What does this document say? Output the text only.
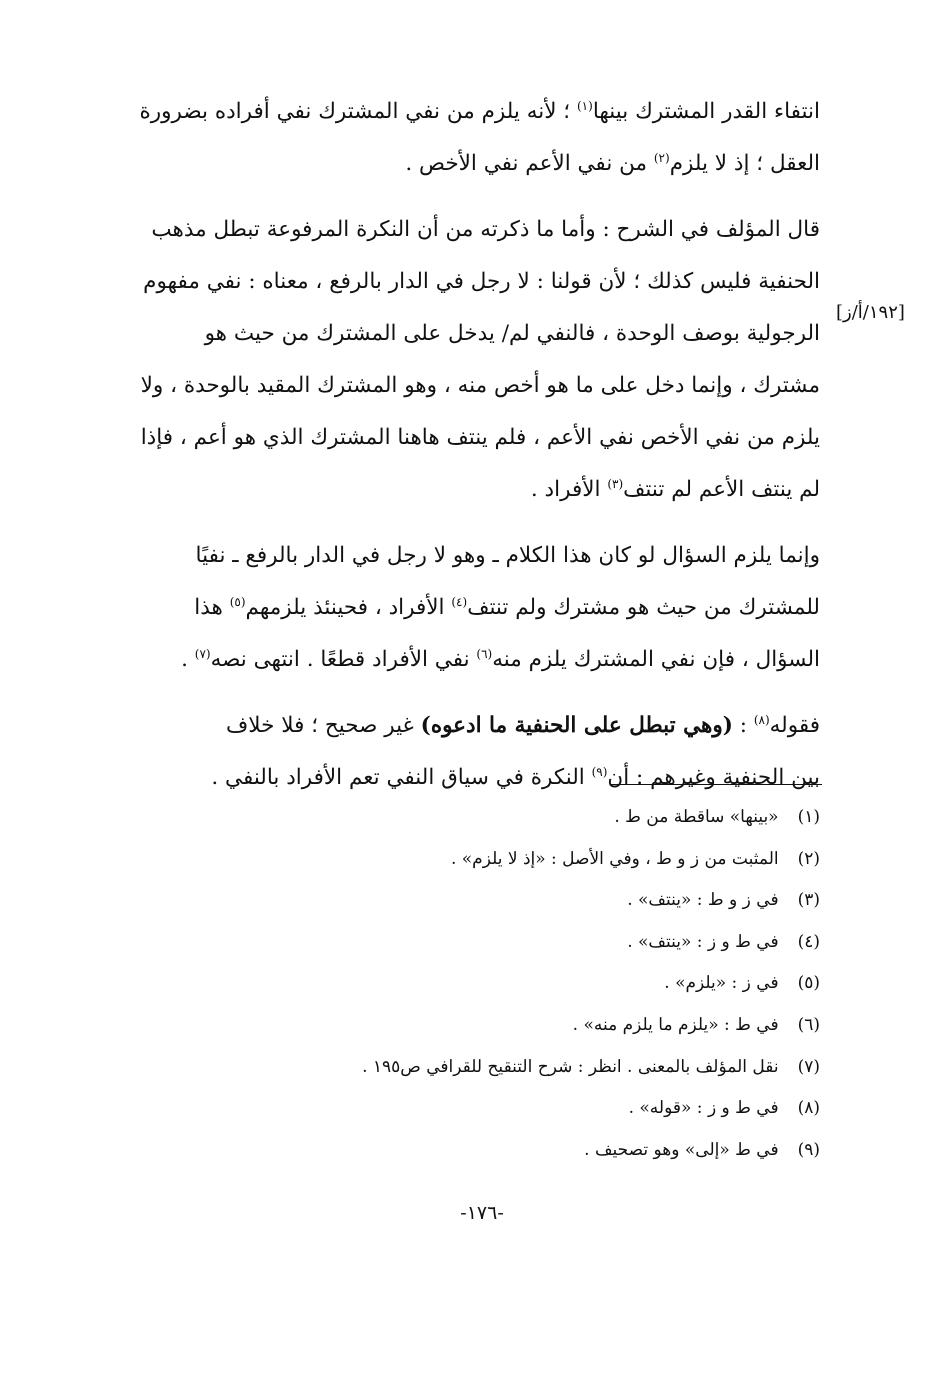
[١٩٢/أ/ز]

انتفاء القدر المشترك بينها$^{(١)}$ ؛ لأنه يلزم من نفي المشترك نفي أفراده بضرورة

العقل ؛ إذ لا يلزم$^{(٢)}$ من نفي الأعم نفي الأخص .

قال المؤلف في الشرح : وأما ما ذكرته من أن النكرة المرفوعة تبطل مذهب

الحنفية فليس كذلك ؛ لأن قولنا : لا رجل في الدار بالرفع ، معناه : نفي مفهوم

الرجولية بوصف الوحدة ، فالنفي لم/ يدخل على المشترك من حيث هو

مشترك ، وإنما دخل على ما هو أخص منه ، وهو المشترك المقيد بالوحدة ، ولا

يلزم من نفي الأخص نفي الأعم ، فلم ينتف هاهنا المشترك الذي هو أعم ، فإذا

لم ينتف الأعم لم تنتف$^{(٣)}$ الأفراد .

وإنما يلزم السؤال لو كان هذا الكلام ـ وهو لا رجل في الدار بالرفع ـ نفيًا

للمشترك من حيث هو مشترك ولم تنتف$^{(٤)}$ الأفراد ، فحينئذ يلزمهم$^{(٥)}$ هذا

السؤال ، فإن نفي المشترك يلزم منه$^{(٦)}$ نفي الأفراد قطعًا . انتهى نصه$^{(٧)}$ .

فقوله$^{(٨)}$ : (وهي تبطل على الحنفية ما ادعوه) غير صحيح ؛ فلا خلاف

بين الحنفية وغيرهم : أن$^{(٩)}$ النكرة في سياق النفي تعم الأفراد بالنفي .

(١) «بينها» ساقطة من ط .
(٢) المثبت من ز و ط ، وفي الأصل : «إذ لا يلزم» .
(٣) في ز و ط : «ينتف» .
(٤) في ط و ز : «ينتف» .
(٥) في ز : «يلزم» .
(٦) في ط : «يلزم ما يلزم منه» .
(٧) نقل المؤلف بالمعنى . انظر : شرح التنقيح للقرافي ص١٩٥ .
(٨) في ط و ز : «قوله» .
(٩) في ط «إلى» وهو تصحيف .
-١٧٦-
